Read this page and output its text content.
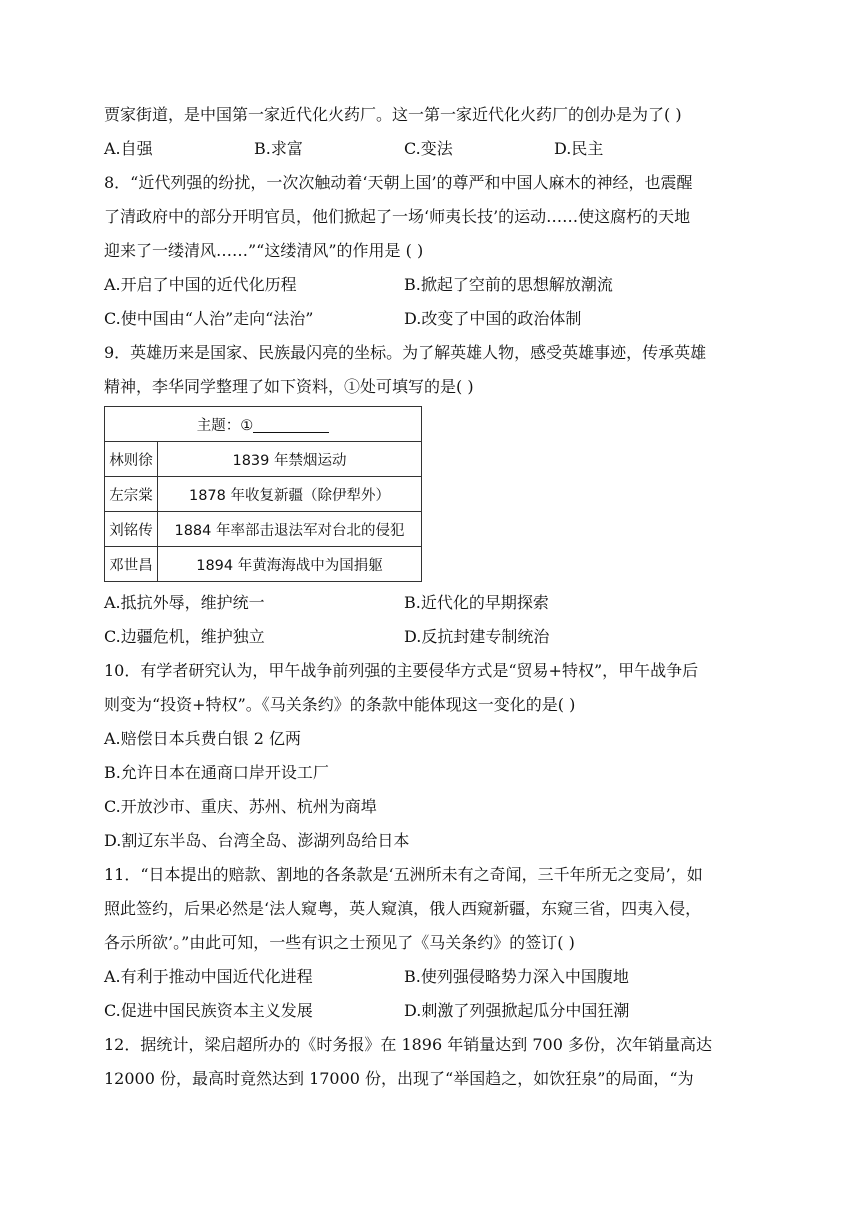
贾家街道，是中国第一家近代化火药厂。这一第一家近代化火药厂的创办是为了( )
A.自强	B.求富	C.变法	D.民主
8．“近代列强的纷扰，一次次触动着‘天朝上国’的尊严和中国人麻木的神经，也震醒
了清政府中的部分开明官员，他们掀起了一场‘师夷长技’的运动……使这腐朽的天地
迎来了一缕清风……”“这缕清风”的作用是 ( )
A.开启了中国的近代化历程	B.掀起了空前的思想解放潮流
C.使中国由“人治”走向“法治”	D.改变了中国的政治体制
9．英雄历来是国家、民族最闪亮的坐标。为了解英雄人物，感受英雄事迹，传承英雄
精神，李华同学整理了如下资料，①处可填写的是( )
主题：①	
林则徐	1839 年禁烟运动
左宗棠	1878 年收复新疆（除伊犁外）
刘铭传	1884 年率部击退法军对台北的侵犯
邓世昌	1894 年黄海海战中为国捐躯
A.抵抗外辱，维护统一	B.近代化的早期探索
C.边疆危机，维护独立	D.反抗封建专制统治
10．有学者研究认为，甲午战争前列强的主要侵华方式是“贸易+特权”，甲午战争后
则变为“投资+特权”。《马关条约》的条款中能体现这一变化的是( )
A.赔偿日本兵费白银 2 亿两
B.允许日本在通商口岸开设工厂
C.开放沙市、重庆、苏州、杭州为商埠
D.割辽东半岛、台湾全岛、澎湖列岛给日本
11．“日本提出的赔款、割地的各条款是‘五洲所未有之奇闻，三千年所无之变局’，如
照此签约，后果必然是‘法人窥粤，英人窥滇，俄人西窥新疆，东窥三省，四夷入侵，
各示所欲’。”由此可知，一些有识之士预见了《马关条约》的签订( )
A.有利于推动中国近代化进程	B.使列强侵略势力深入中国腹地
C.促进中国民族资本主义发展	D.刺激了列强掀起瓜分中国狂潮
12．据统计，梁启超所办的《时务报》在 1896 年销量达到 700 多份，次年销量高达
12000 份，最高时竟然达到 17000 份，出现了“举国趋之，如饮狂泉”的局面，“为
